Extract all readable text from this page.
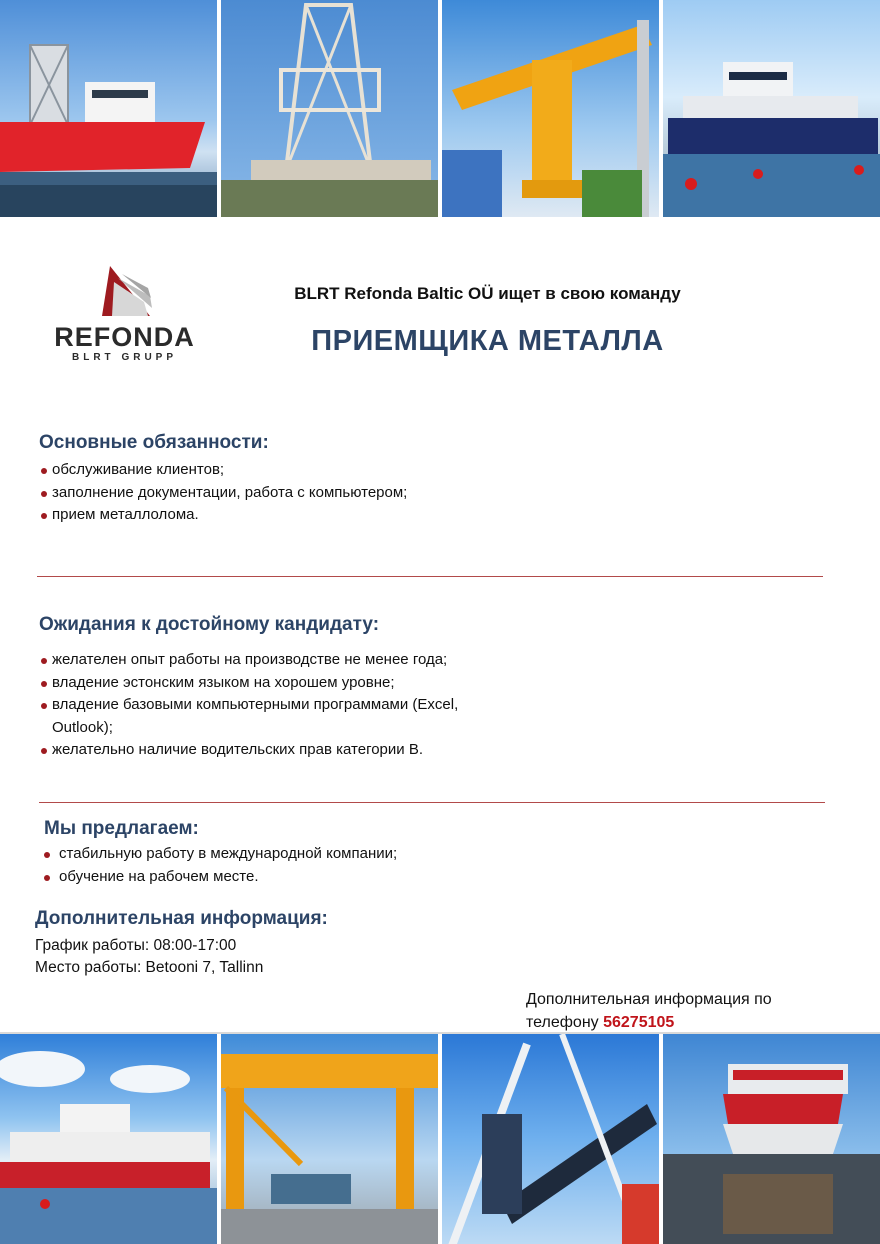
REFONDA
BLRT GRUPP
BLRT Refonda Baltic OÜ ищет в свою команду
ПРИЕМЩИКА МЕТАЛЛА
Основные обязанности:
обслуживание клиентов;
заполнение документации, работа с компьютером;
прием металлолома.
Ожидания к достойному кандидату:
желателен опыт работы на производстве не менее года;
владение эстонским языком на хорошем уровне;
владение базовыми компьютерными программами (Excel, Outlook);
желательно наличие водительских прав категории B.
Мы предлагаем:
стабильную работу в международной компании;
обучение на рабочем месте.
Дополнительная информация:
График работы: 08:00-17:00
Место работы: Betooni 7, Tallinn
Дополнительная информация по телефону 56275105
